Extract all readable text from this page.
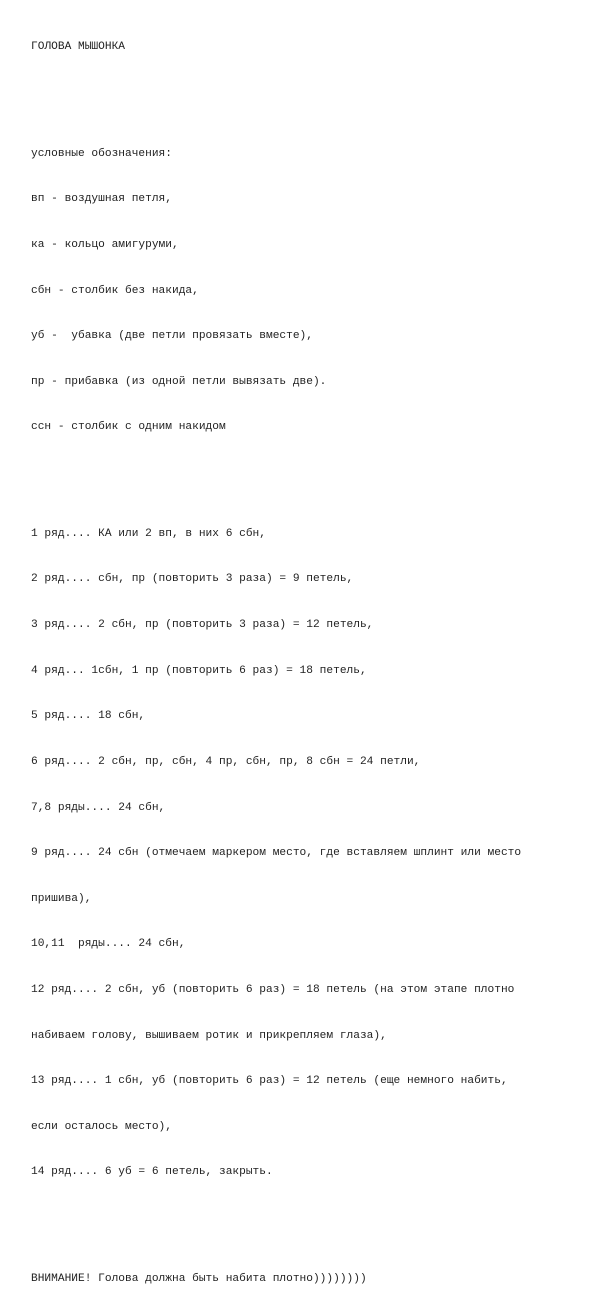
ГОЛОВА МЫШОНКА

условные обозначения:

вп - воздушная петля,

ка - кольцо амигуруми,

сбн - столбик без накида,

уб -  убавка (две петли провязать вместе),

пр - прибавка (из одной петли вывязать две).

ссн - столбик с одним накидом

1 ряд.... КА или 2 вп, в них 6 сбн,

2 ряд.... сбн, пр (повторить 3 раза) = 9 петель,

3 ряд.... 2 сбн, пр (повторить 3 раза) = 12 петель,

4 ряд... 1сбн, 1 пр (повторить 6 раз) = 18 петель,

5 ряд.... 18 сбн,

6 ряд.... 2 сбн, пр, сбн, 4 пр, сбн, пр, 8 сбн = 24 петли,

7,8 ряды.... 24 сбн,

9 ряд.... 24 сбн (отмечаем маркером место, где вставляем шплинт или место

пришива),

10,11  ряды.... 24 сбн,

12 ряд.... 2 сбн, уб (повторить 6 раз) = 18 петель (на этом этапе плотно

набиваем голову, вышиваем ротик и прикрепляем глаза),

13 ряд.... 1 сбн, уб (повторить 6 раз) = 12 петель (еще немного набить,

если осталось место),

14 ряд.... 6 уб = 6 петель, закрыть.

ВНИМАНИЕ! Голова должна быть набита плотно))))))))
